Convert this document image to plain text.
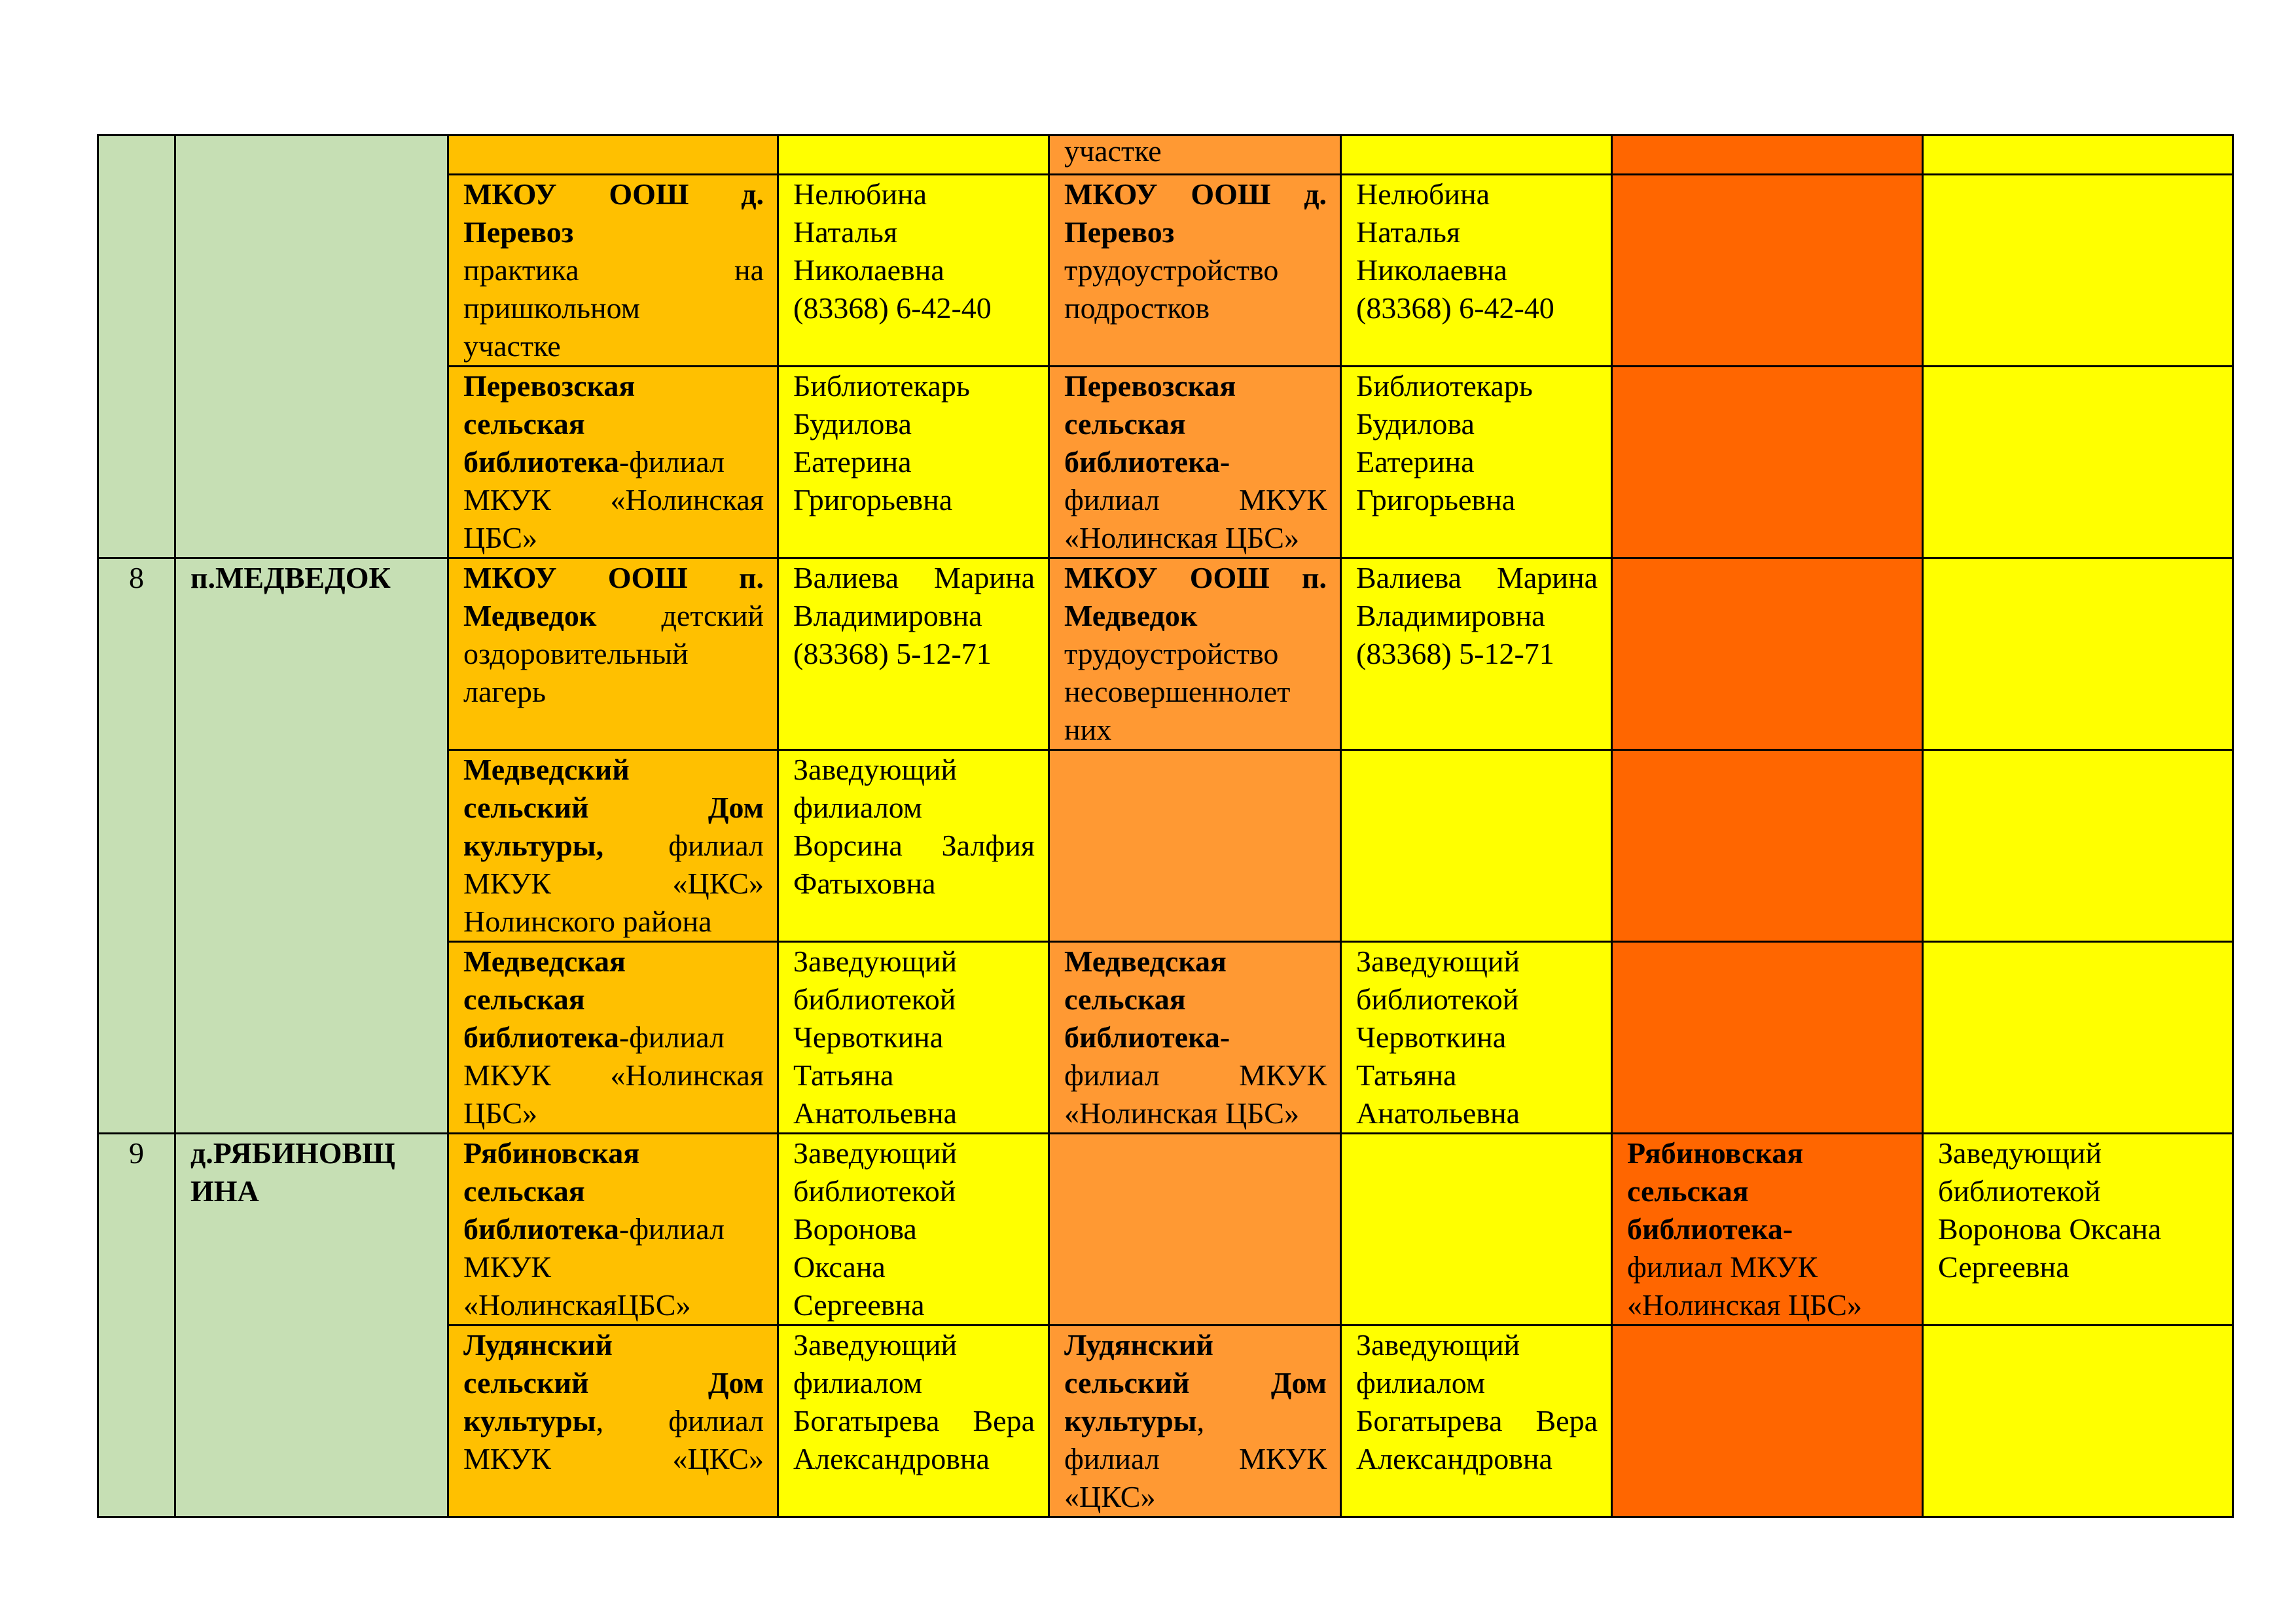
				участке			

		МКОУ ООШ д.
Перевоз
практика на
пришкольном
участке	Нелюбина
Наталья
Николаевна
(83368) 6-42-40	МКОУ ООШ д.
Перевоз
трудоустройство
подростков	Нелюбина
Наталья
Николаевна
(83368) 6-42-40		

		Перевозская
сельская
библиотека-филиал
МКУК «Нолинская
ЦБС»	Библиотекарь
Будилова
Еатерина
Григорьевна	Перевозская
сельская
библиотека-
филиал МКУК
«Нолинская ЦБС»	Библиотекарь
Будилова
Еатерина
Григорьевна		

8	п.МЕДВЕДОК	МКОУ ООШ п.
Медведок детский
оздоровительный
лагерь	Валиева Марина
Владимировна
(83368) 5-12-71	МКОУ ООШ п.
Медведок
трудоустройство
несовершеннолет
них	Валиева Марина
Владимировна
(83368) 5-12-71		

		Медведский
сельский Дом
культуры, филиал
МКУК «ЦКС»
Нолинского района	Заведующий
филиалом
Ворсина Залфия
Фатыховна				

		Медведская
сельская
библиотека-филиал
МКУК «Нолинская
ЦБС»	Заведующий
библиотекой
Червоткина
Татьяна
Анатольевна	Медведская
сельская
библиотека-
филиал МКУК
«Нолинская ЦБС»	Заведующий
библиотекой
Червоткина
Татьяна
Анатольевна		

9	д.РЯБИНОВЩ ИНА	Рябиновская
сельская
библиотека-филиал
МКУК
«НолинскаяЦБС»	Заведующий
библиотекой
Воронова
Оксана
Сергеевна			Рябиновская
сельская
библиотека-
филиал МКУК
«Нолинская ЦБС»	Заведующий
библиотекой
Воронова Оксана
Сергеевна

		Лудянский
сельский Дом
культуры, филиал
МКУК «ЦКС»	Заведующий
филиалом
Богатырева Вера
Александровна	Лудянский
сельский Дом
культуры,
филиал МКУК
«ЦКС»	Заведующий
филиалом
Богатырева Вера
Александровна		
